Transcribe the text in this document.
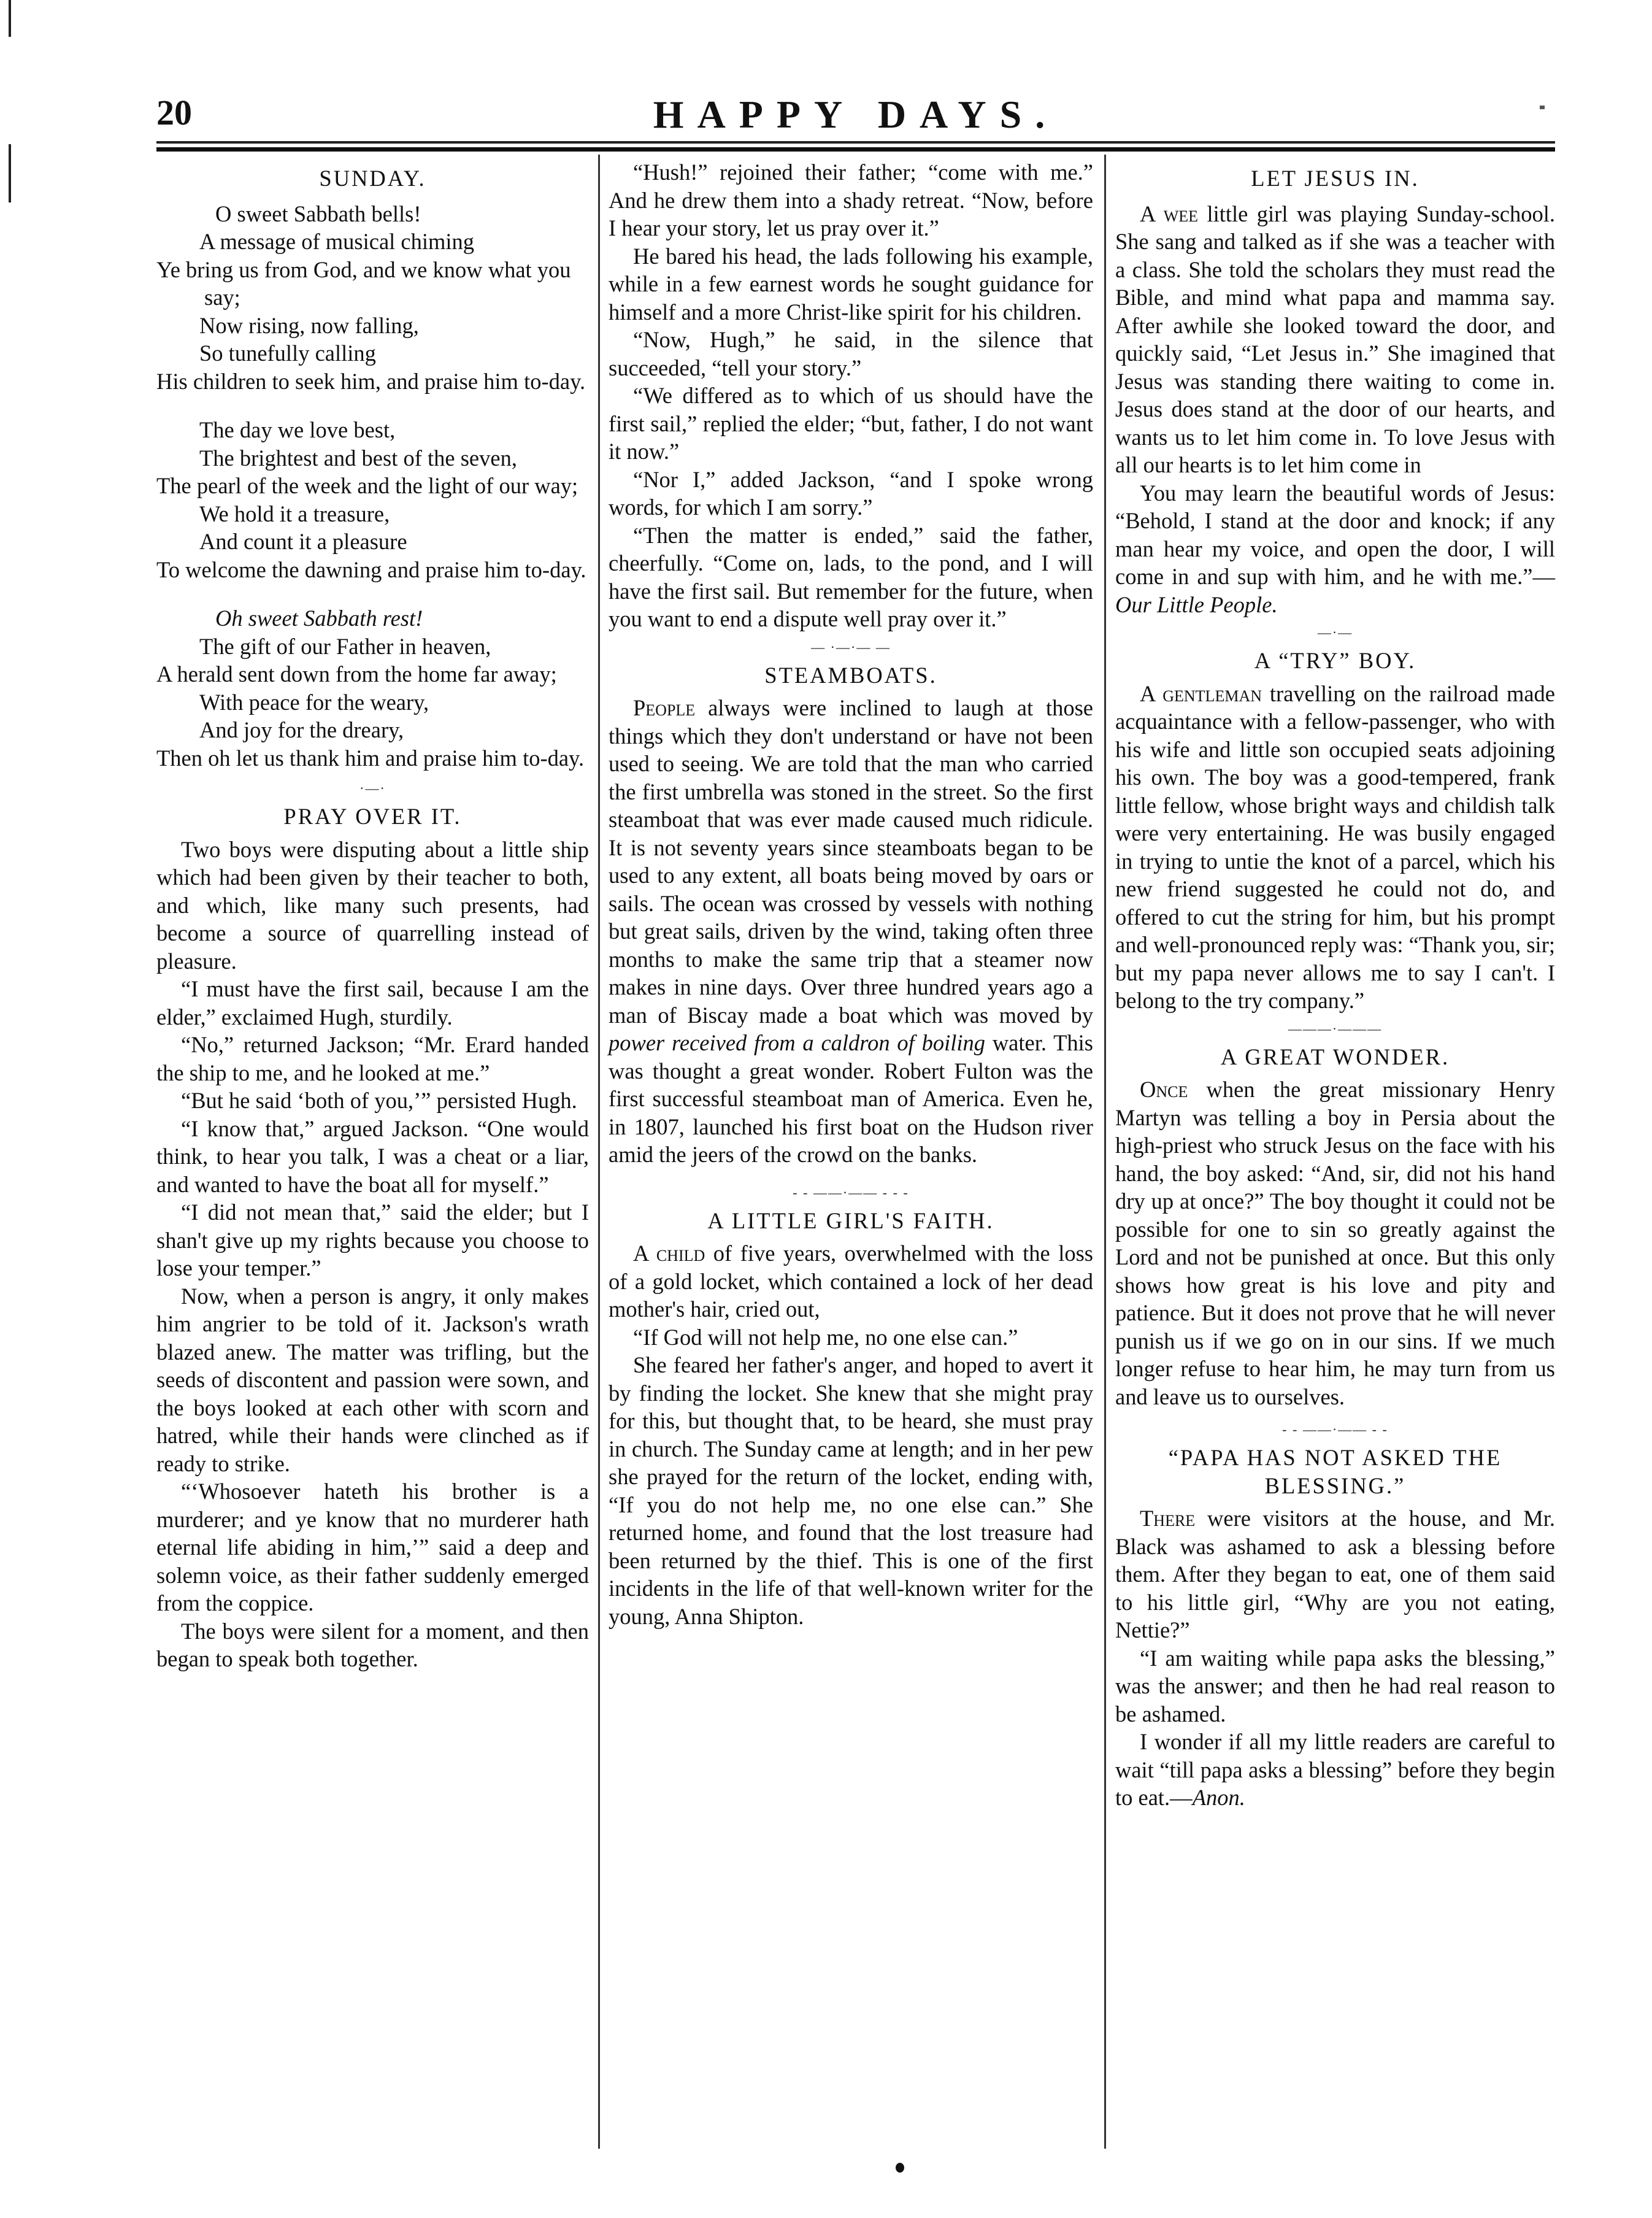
20	HAPPY DAYS.
SUNDAY.
O sweet Sabbath bells!
A message of musical chiming
Ye bring us from God, and we know what you say;
Now rising, now falling,
So tunefully calling
His children to seek him, and praise him to-day.
The day we love best,
The brightest and best of the seven,
The pearl of the week and the light of our way;
We hold it a treasure,
And count it a pleasure
To welcome the dawning and praise him to-day.
Oh sweet Sabbath rest!
The gift of our Father in heaven,
A herald sent down from the home far away;
With peace for the weary,
And joy for the dreary,
Then oh let us thank him and praise him to-day.
·—·
PRAY OVER IT.

Two boys were disputing about a little ship which had been given by their teacher to both, and which, like many such presents, had become a source of quarrelling instead of pleasure.

“I must have the first sail, because I am the elder,” exclaimed Hugh, sturdily.

“No,” returned Jackson; “Mr. Erard handed the ship to me, and he looked at me.”

“But he said ‘both of you,’” persisted Hugh.

“I know that,” argued Jackson. “One would think, to hear you talk, I was a cheat or a liar, and wanted to have the boat all for myself.”

“I did not mean that,” said the elder; but I shan't give up my rights because you choose to lose your temper.”

Now, when a person is angry, it only makes him angrier to be told of it. Jackson's wrath blazed anew. The matter was trifling, but the seeds of discontent and passion were sown, and the boys looked at each other with scorn and hatred, while their hands were clinched as if ready to strike.

“‘Whosoever hateth his brother is a murderer; and ye know that no murderer hath eternal life abiding in him,’” said a deep and solemn voice, as their father suddenly emerged from the coppice.

The boys were silent for a moment, and then began to speak both together.

“Hush!” rejoined their father; “come with me.” And he drew them into a shady retreat. “Now, before I hear your story, let us pray over it.”

He bared his head, the lads following his example, while in a few earnest words he sought guidance for himself and a more Christ-like spirit for his children.

“Now, Hugh,” he said, in the silence that succeeded, “tell your story.”

“We differed as to which of us should have the first sail,” replied the elder; “but, father, I do not want it now.”

“Nor I,” added Jackson, “and I spoke wrong words, for which I am sorry.”

“Then the matter is ended,” said the father, cheerfully. “Come on, lads, to the pond, and I will have the first sail. But remember for the future, when you want to end a dispute well pray over it.”

— ·—·— —
STEAMBOATS.

People always were inclined to laugh at those things which they don't understand or have not been used to seeing. We are told that the man who carried the first umbrella was stoned in the street. So the first steamboat that was ever made caused much ridicule. It is not seventy years since steamboats began to be used to any extent, all boats being moved by oars or sails. The ocean was crossed by vessels with nothing but great sails, driven by the wind, taking often three months to make the same trip that a steamer now makes in nine days. Over three hundred years ago a man of Biscay made a boat which was moved by power received from a caldron of boiling water. This was thought a great wonder. Robert Fulton was the first successful steamboat man of America. Even he, in 1807, launched his first boat on the Hudson river amid the jeers of the crowd on the banks.

- - ——·—— - - -
A LITTLE GIRL'S FAITH.

A child of five years, overwhelmed with the loss of a gold locket, which contained a lock of her dead mother's hair, cried out,

“If God will not help me, no one else can.”

She feared her father's anger, and hoped to avert it by finding the locket. She knew that she might pray for this, but thought that, to be heard, she must pray in church. The Sunday came at length; and in her pew she prayed for the return of the locket, ending with, “If you do not help me, no one else can.” She returned home, and found that the lost treasure had been returned by the thief. This is one of the first incidents in the life of that well-known writer for the young, Anna Shipton.

LET JESUS IN.

A wee little girl was playing Sunday-school. She sang and talked as if she was a teacher with a class. She told the scholars they must read the Bible, and mind what papa and mamma say. After awhile she looked toward the door, and quickly said, “Let Jesus in.” She imagined that Jesus was standing there waiting to come in. Jesus does stand at the door of our hearts, and wants us to let him come in. To love Jesus with all our hearts is to let him come in

You may learn the beautiful words of Jesus: “Behold, I stand at the door and knock; if any man hear my voice, and open the door, I will come in and sup with him, and he with me.”—Our Little People.

—·—
A “TRY” BOY.

A gentleman travelling on the railroad made acquaintance with a fellow-passenger, who with his wife and little son occupied seats adjoining his own. The boy was a good-tempered, frank little fellow, whose bright ways and childish talk were very entertaining. He was busily engaged in trying to untie the knot of a parcel, which his new friend suggested he could not do, and offered to cut the string for him, but his prompt and well-pronounced reply was: “Thank you, sir; but my papa never allows me to say I can't. I belong to the try company.”

———·———
A GREAT WONDER.

Once when the great missionary Henry Martyn was telling a boy in Persia about the high-priest who struck Jesus on the face with his hand, the boy asked: “And, sir, did not his hand dry up at once?” The boy thought it could not be possible for one to sin so greatly against the Lord and not be punished at once. But this only shows how great is his love and pity and patience. But it does not prove that he will never punish us if we go on in our sins. If we much longer refuse to hear him, he may turn from us and leave us to ourselves.

- - ——·—— - -
“PAPA HAS NOT ASKED THE BLESSING.”

There were visitors at the house, and Mr. Black was ashamed to ask a blessing before them. After they began to eat, one of them said to his little girl, “Why are you not eating, Nettie?”

“I am waiting while papa asks the blessing,” was the answer; and then he had real reason to be ashamed.

I wonder if all my little readers are careful to wait “till papa asks a blessing” before they begin to eat.—Anon.
